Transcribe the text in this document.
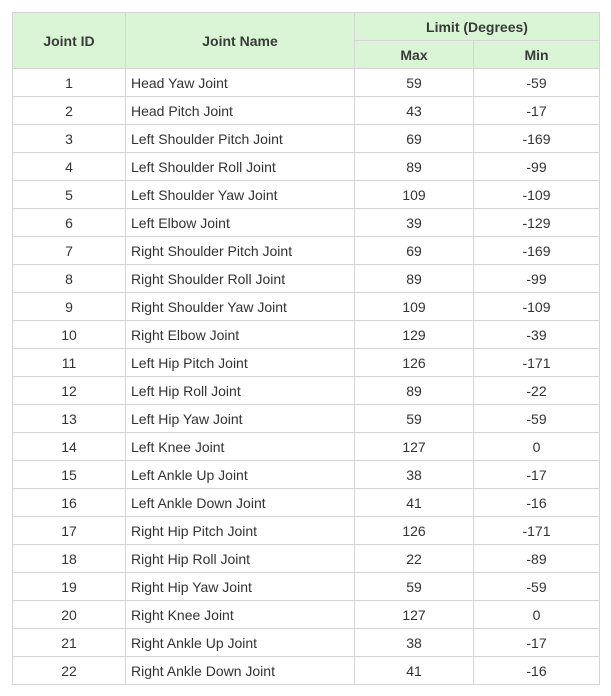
Joint ID	Joint Name	Limit (Degrees)	
		Max	Min
1	Head Yaw Joint	59	-59
2	Head Pitch Joint	43	-17
3	Left Shoulder Pitch Joint	69	-169
4	Left Shoulder Roll Joint	89	-99
5	Left Shoulder Yaw Joint	109	-109
6	Left Elbow Joint	39	-129
7	Right Shoulder Pitch Joint	69	-169
8	Right Shoulder Roll Joint	89	-99
9	Right Shoulder Yaw Joint	109	-109
10	Right Elbow Joint	129	-39
11	Left Hip Pitch Joint	126	-171
12	Left Hip Roll Joint	89	-22
13	Left Hip Yaw Joint	59	-59
14	Left Knee Joint	127	0
15	Left Ankle Up Joint	38	-17
16	Left Ankle Down Joint	41	-16
17	Right Hip Pitch Joint	126	-171
18	Right Hip Roll Joint	22	-89
19	Right Hip Yaw Joint	59	-59
20	Right Knee Joint	127	0
21	Right Ankle Up Joint	38	-17
22	Right Ankle Down Joint	41	-16
